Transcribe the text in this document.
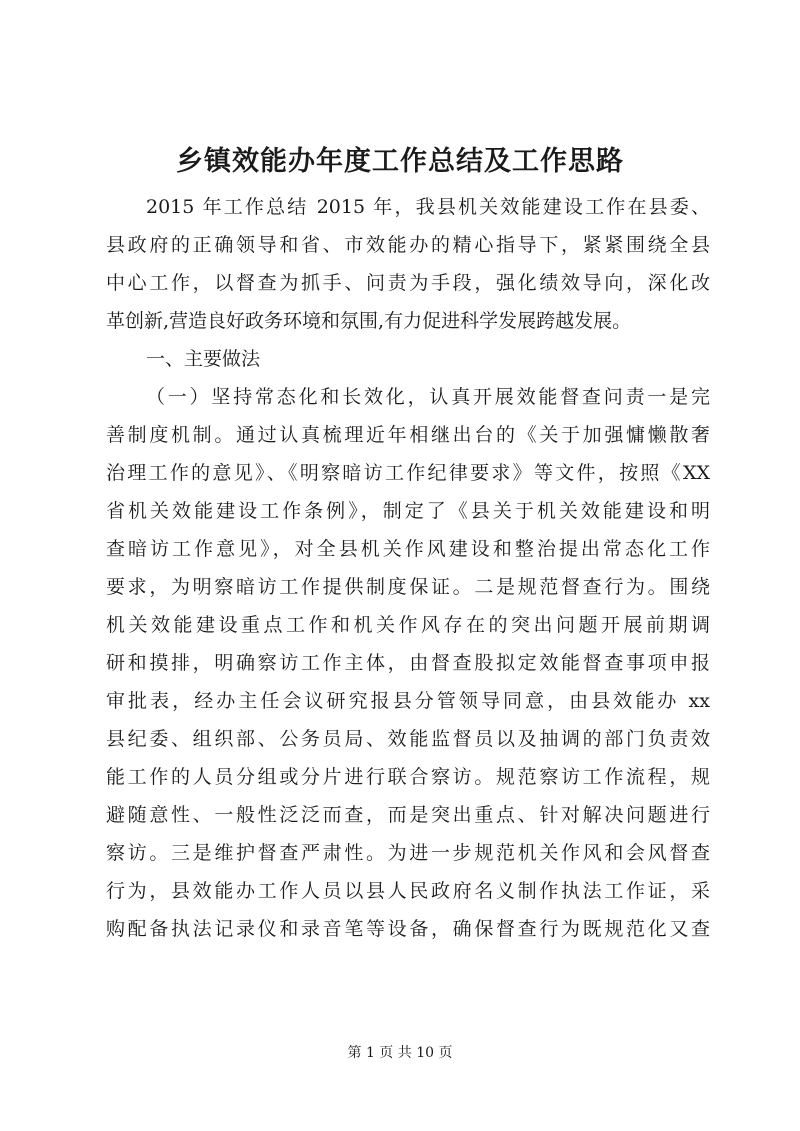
乡镇效能办年度工作总结及工作思路
2015 年工作总结 2015 年，我县机关效能建设工作在县委、
县政府的正确领导和省、市效能办的精心指导下，紧紧围绕全县
中心工作，以督查为抓手、问责为手段，强化绩效导向，深化改
革创新,营造良好政务环境和氛围,有力促进科学发展跨越发展。
一、主要做法
（一）坚持常态化和长效化，认真开展效能督查问责一是完
善制度机制。通过认真梳理近年相继出台的《关于加强慵懒散奢
治理工作的意见》、《明察暗访工作纪律要求》等文件，按照《XX
省机关效能建设工作条例》，制定了《县关于机关效能建设和明
查暗访工作意见》，对全县机关作风建设和整治提出常态化工作
要求，为明察暗访工作提供制度保证。二是规范督查行为。围绕
机关效能建设重点工作和机关作风存在的突出问题开展前期调
研和摸排，明确察访工作主体，由督查股拟定效能督查事项申报
审批表，经办主任会议研究报县分管领导同意，由县效能办 xx
县纪委、组织部、公务员局、效能监督员以及抽调的部门负责效
能工作的人员分组或分片进行联合察访。规范察访工作流程，规
避随意性、一般性泛泛而查，而是突出重点、针对解决问题进行
察访。三是维护督查严肃性。为进一步规范机关作风和会风督查
行为，县效能办工作人员以县人民政府名义制作执法工作证，采
购配备执法记录仪和录音笔等设备，确保督查行为既规范化又查
第 1 页 共 10 页
